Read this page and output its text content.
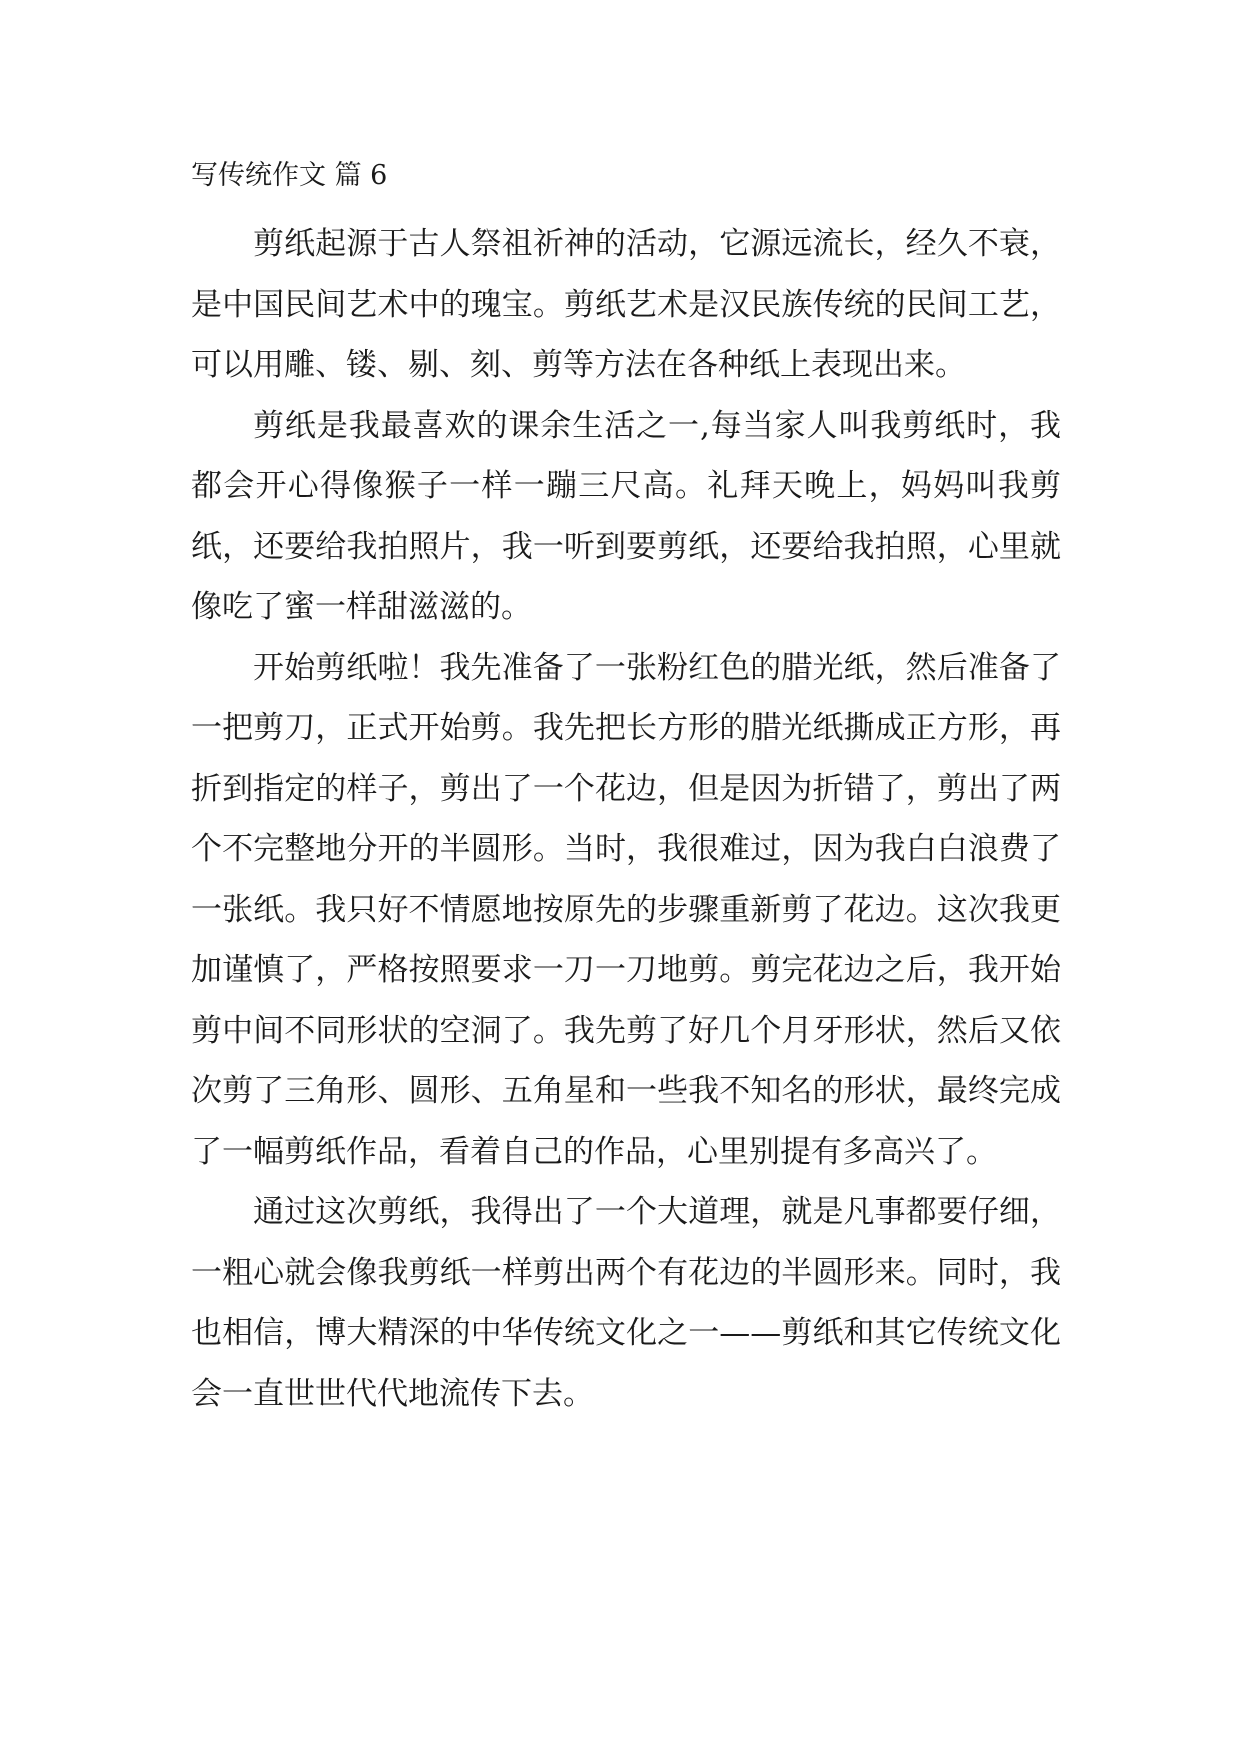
写传统作文 篇 6

剪纸起源于古人祭祖祈神的活动，它源远流长，经久不衰，是中国民间艺术中的瑰宝。剪纸艺术是汉民族传统的民间工艺，可以用雕、镂、剔、刻、剪等方法在各种纸上表现出来。

剪纸是我最喜欢的课余生活之一,每当家人叫我剪纸时，我都会开心得像猴子一样一蹦三尺高。礼拜天晚上，妈妈叫我剪纸，还要给我拍照片，我一听到要剪纸，还要给我拍照，心里就像吃了蜜一样甜滋滋的。

开始剪纸啦！我先准备了一张粉红色的腊光纸，然后准备了一把剪刀，正式开始剪。我先把长方形的腊光纸撕成正方形，再折到指定的样子，剪出了一个花边，但是因为折错了，剪出了两个不完整地分开的半圆形。当时，我很难过，因为我白白浪费了一张纸。我只好不情愿地按原先的步骤重新剪了花边。这次我更加谨慎了，严格按照要求一刀一刀地剪。剪完花边之后，我开始剪中间不同形状的空洞了。我先剪了好几个月牙形状，然后又依次剪了三角形、圆形、五角星和一些我不知名的形状，最终完成了一幅剪纸作品，看着自己的作品，心里别提有多高兴了。

通过这次剪纸，我得出了一个大道理，就是凡事都要仔细，一粗心就会像我剪纸一样剪出两个有花边的半圆形来。同时，我也相信，博大精深的中华传统文化之一——剪纸和其它传统文化会一直世世代代地流传下去。
